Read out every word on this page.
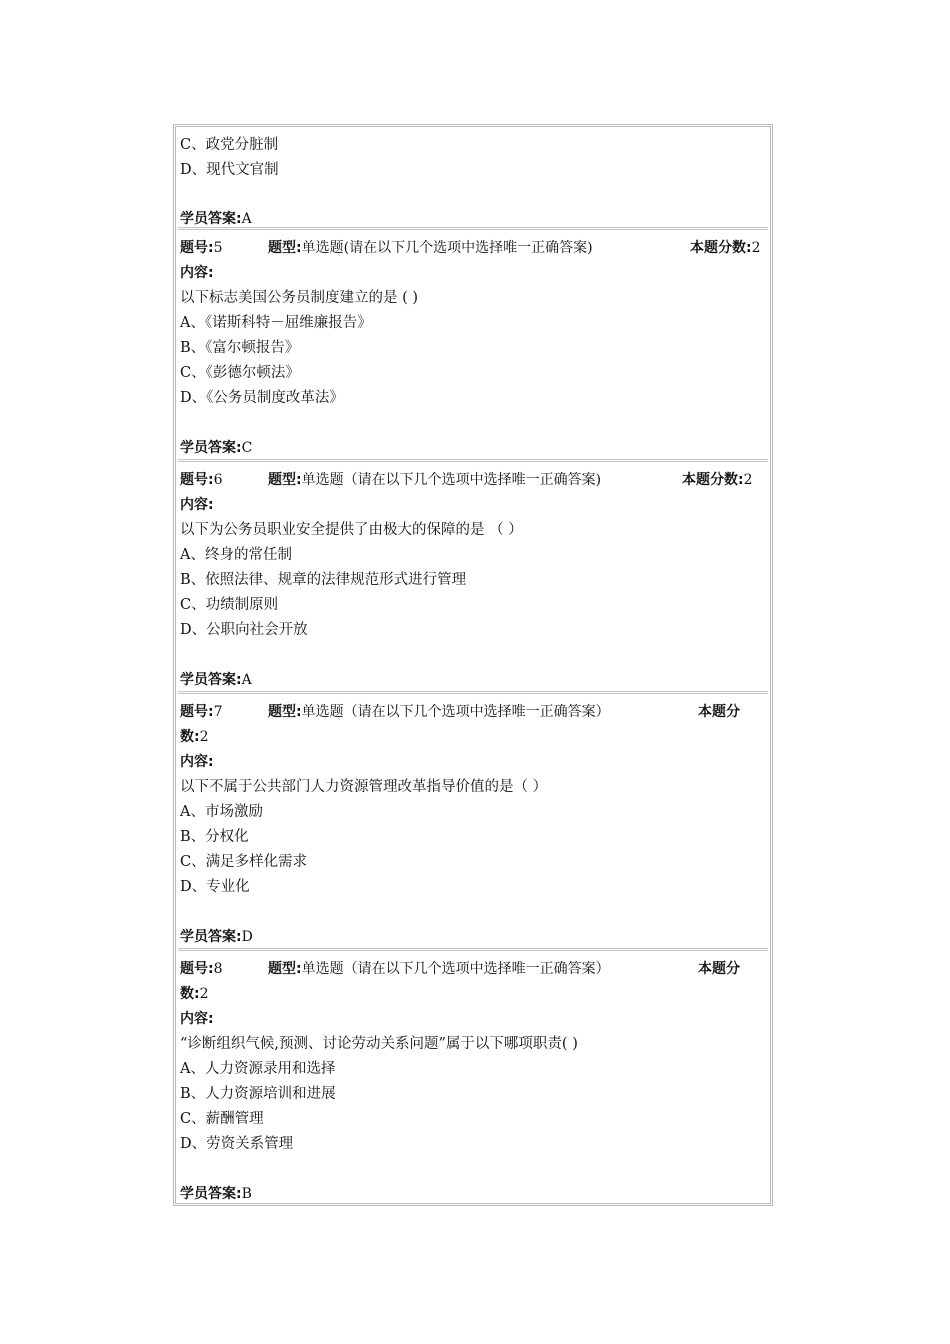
C、政党分脏制
D、现代文官制
学员答案:A
题号:5	题型:单选题(请在以下几个选项中选择唯一正确答案)	本题分数:2
内容:
以下标志美国公务员制度建立的是 ( )
A、《诺斯科特－屈维廉报告》
B、《富尔顿报告》
C、《彭德尔顿法》
D、《公务员制度改革法》
学员答案:C
题号:6	题型:单选题（请在以下几个选项中选择唯一正确答案)	本题分数:2
内容:
以下为公务员职业安全提供了由极大的保障的是 （ ）
A、终身的常任制
B、依照法律、规章的法律规范形式进行管理
C、功绩制原则
D、公职向社会开放
学员答案:A
题号:7	题型:单选题（请在以下几个选项中选择唯一正确答案）	本题分
数:2
内容:
以下不属于公共部门人力资源管理改革指导价值的是（ ）
A、市场激励
B、分权化
C、满足多样化需求
D、专业化
学员答案:D
题号:8	题型:单选题（请在以下几个选项中选择唯一正确答案）	本题分
数:2
内容:
“诊断组织气候,预测、讨论劳动关系问题”属于以下哪项职责( )
A、人力资源录用和选择
B、人力资源培训和进展
C、薪酬管理
D、劳资关系管理
学员答案:B
